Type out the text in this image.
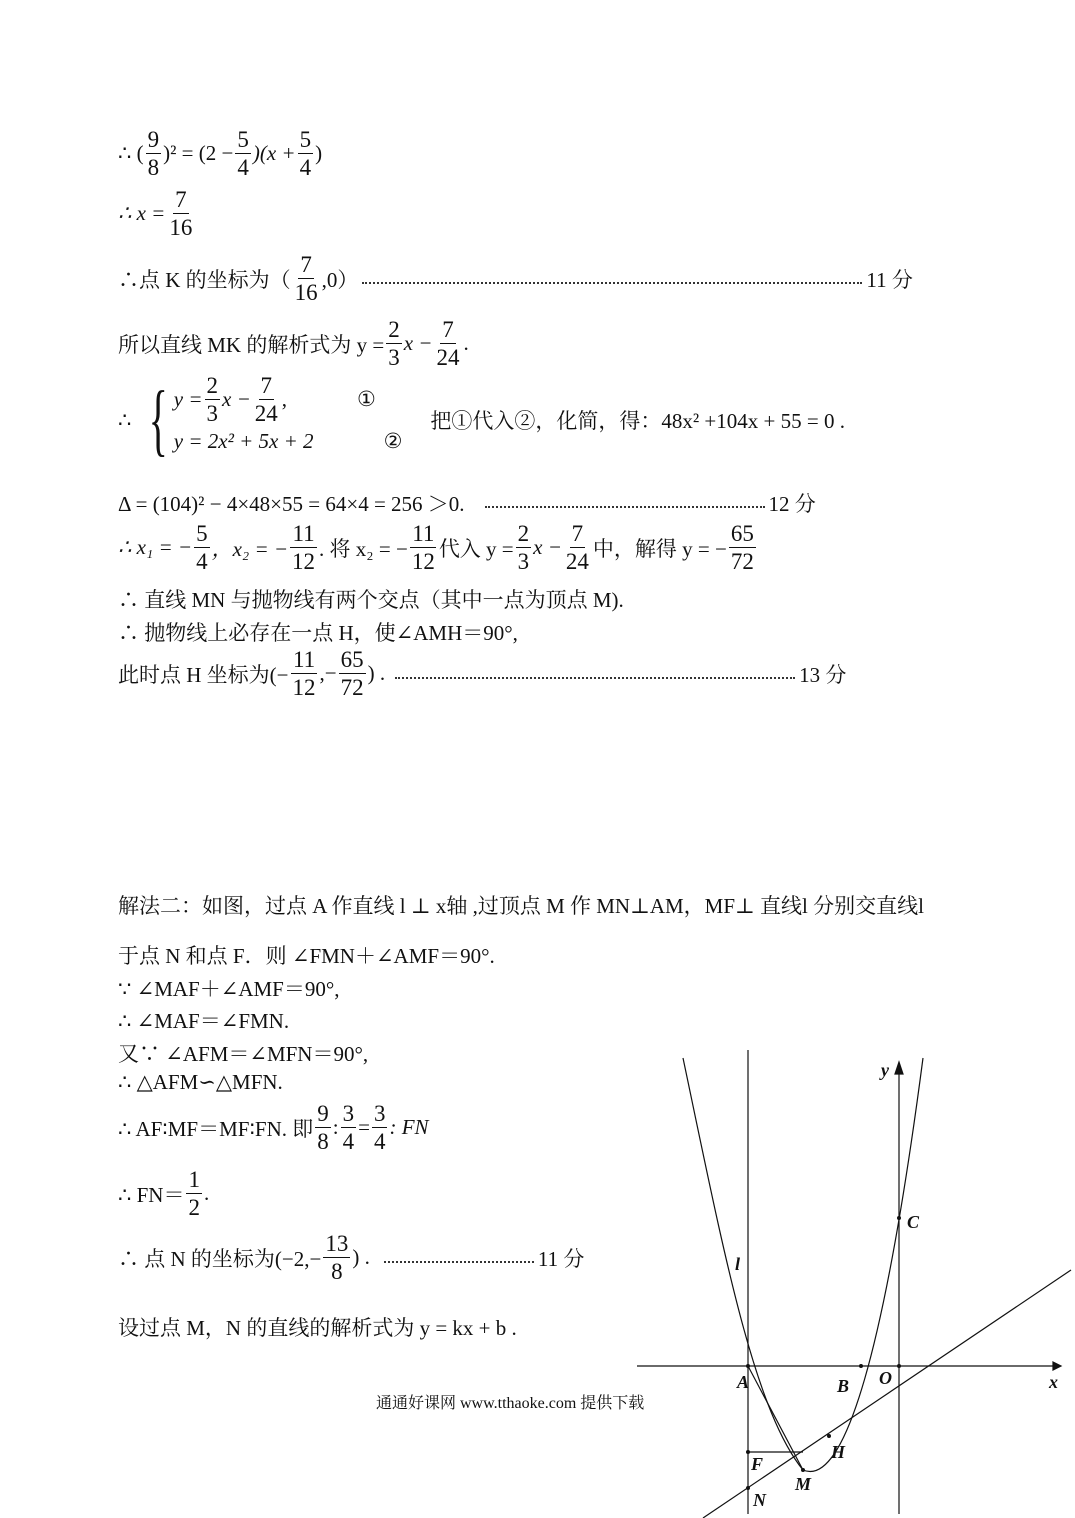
∴ ( $\frac{9}{8} )^2 = (2 - \frac{5}{4} )(x + \frac{5}{4}$ )
∴ $x = \frac{7}{16}$
∴点 K 的坐标为（ $\frac{7}{16} ,0$）	11 分
所以直线 MK 的解析式为 $y = \frac{2}{3}$ $x - \frac{7}{24}$ .
∴ { $y = \frac{2}{3}$ $x - \frac{7}{24}$ ,	①
y = 2x² + 5x + 2	②
把①代入②，化简，得：48x² +104x + 55 = 0 .
Δ = (104)² − 4×48×55 = 64×4 = 256 ＞0.	12 分
∴ x₁ = − $\frac{5}{4}$ ，x₂ = − $\frac{11}{12}$ . 将 x₂ = − $\frac{11}{12}$ 代入 $y = \frac{2}{3}$ $x - \frac{7}{24}$ 中，解得 y = − $\frac{65}{72}$
∴ 直线 MN 与抛物线有两个交点（其中一点为顶点 M).
∴ 抛物线上必存在一点 H，使∠AMH＝90°,
此时点 H 坐标为(− $\frac{11}{12}$ ,− $\frac{65}{72}$ ) .	13 分
解法二：如图，过点 A 作直线 l ⊥ x轴 ,过顶点 M 作 MN⊥AM，MF⊥ 直线l 分别交直线l
于点 N 和点 F．则 ∠FMN＋∠AMF＝90°.
∵ ∠MAF＋∠AMF＝90°,
∴ ∠MAF＝∠FMN.
又∵ ∠AFM＝∠MFN＝90°,
∴ △AFM∽△MFN.
∴ AF∶MF＝MF∶FN. 即 $\frac{9}{8}$ : $\frac{3}{4} = \frac{3}{4}$ : FN
∴ $FN= \frac{1}{2}$ .
∴ 点 N 的坐标为($-2,- \frac{13}{8}$ ) .	11 分
设过点 M，N 的直线的解析式为 y = kx + b .
y
x
C
l
A	B O
F
M
H
N
通通好课网 www.tthaoke.com 提供下载
